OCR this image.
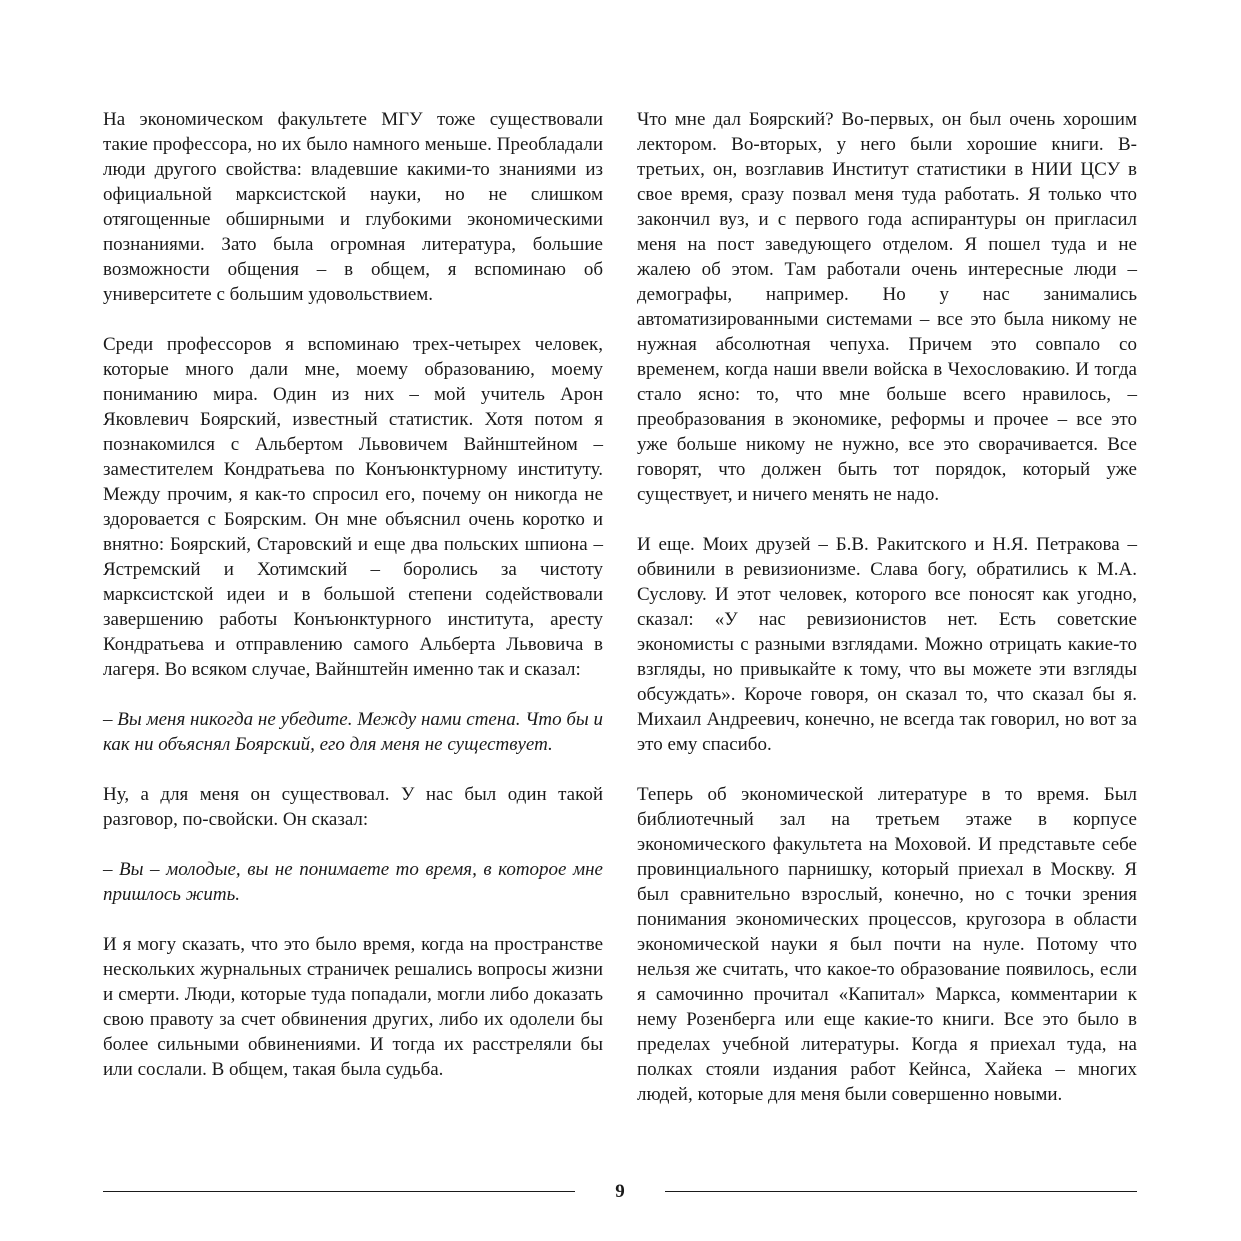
На экономическом факультете МГУ тоже существовали такие профессора, но их было намного меньше. Преобладали люди другого свойства: владевшие какими-то знаниями из официальной марксистской науки, но не слишком отягощенные обширными и глубокими экономическими познаниями. Зато была огромная литература, большие возможности общения – в общем, я вспоминаю об университете с большим удовольствием.

Среди профессоров я вспоминаю трех-четырех человек, которые много дали мне, моему образованию, моему пониманию мира. Один из них – мой учитель Арон Яковлевич Боярский, известный статистик. Хотя потом я познакомился с Альбертом Львовичем Вайнштейном – заместителем Кондратьева по Конъюнктурному институту. Между прочим, я как-то спросил его, почему он никогда не здоровается с Боярским. Он мне объяснил очень коротко и внятно: Боярский, Старовский и еще два польских шпиона – Ястремский и Хотимский – боролись за чистоту марксистской идеи и в большой степени содействовали завершению работы Конъюнктурного института, аресту Кондратьева и отправлению самого Альберта Львовича в лагеря. Во всяком случае, Вайнштейн именно так и сказал:

– Вы меня никогда не убедите. Между нами стена. Что бы и как ни объяснял Боярский, его для меня не существует.

Ну, а для меня он существовал. У нас был один такой разговор, по-свойски. Он сказал:

– Вы – молодые, вы не понимаете то время, в которое мне пришлось жить.

И я могу сказать, что это было время, когда на пространстве нескольких журнальных страничек решались вопросы жизни и смерти. Люди, которые туда попадали, могли либо доказать свою правоту за счет обвинения других, либо их одолели бы более сильными обвинениями. И тогда их расстреляли бы или сослали. В общем, такая была судьба.

Что мне дал Боярский? Во-первых, он был очень хорошим лектором. Во-вторых, у него были хорошие книги. В-третьих, он, возглавив Институт статистики в НИИ ЦСУ в свое время, сразу позвал меня туда работать. Я только что закончил вуз, и с первого года аспирантуры он пригласил меня на пост заведующего отделом. Я пошел туда и не жалею об этом. Там работали очень интересные люди – демографы, например. Но у нас занимались автоматизированными системами – все это была никому не нужная абсолютная чепуха. Причем это совпало со временем, когда наши ввели войска в Чехословакию. И тогда стало ясно: то, что мне больше всего нравилось, – преобразования в экономике, реформы и прочее – все это уже больше никому не нужно, все это сворачивается. Все говорят, что должен быть тот порядок, который уже существует, и ничего менять не надо.

И еще. Моих друзей – Б.В. Ракитского и Н.Я. Петракова – обвинили в ревизионизме. Слава богу, обратились к М.А. Суслову. И этот человек, которого все поносят как угодно, сказал: «У нас ревизионистов нет. Есть советские экономисты с разными взглядами. Можно отрицать какие-то взгляды, но привыкайте к тому, что вы можете эти взгляды обсуждать». Короче говоря, он сказал то, что сказал бы я. Михаил Андреевич, конечно, не всегда так говорил, но вот за это ему спасибо.

Теперь об экономической литературе в то время. Был библиотечный зал на третьем этаже в корпусе экономического факультета на Моховой. И представьте себе провинциального парнишку, который приехал в Москву. Я был сравнительно взрослый, конечно, но с точки зрения понимания экономических процессов, кругозора в области экономической науки я был почти на нуле. Потому что нельзя же считать, что какое-то образование появилось, если я самочинно прочитал «Капитал» Маркса, комментарии к нему Розенберга или еще какие-то книги. Все это было в пределах учебной литературы. Когда я приехал туда, на полках стояли издания работ Кейнса, Хайека – многих людей, которые для меня были совершенно новыми.

9
